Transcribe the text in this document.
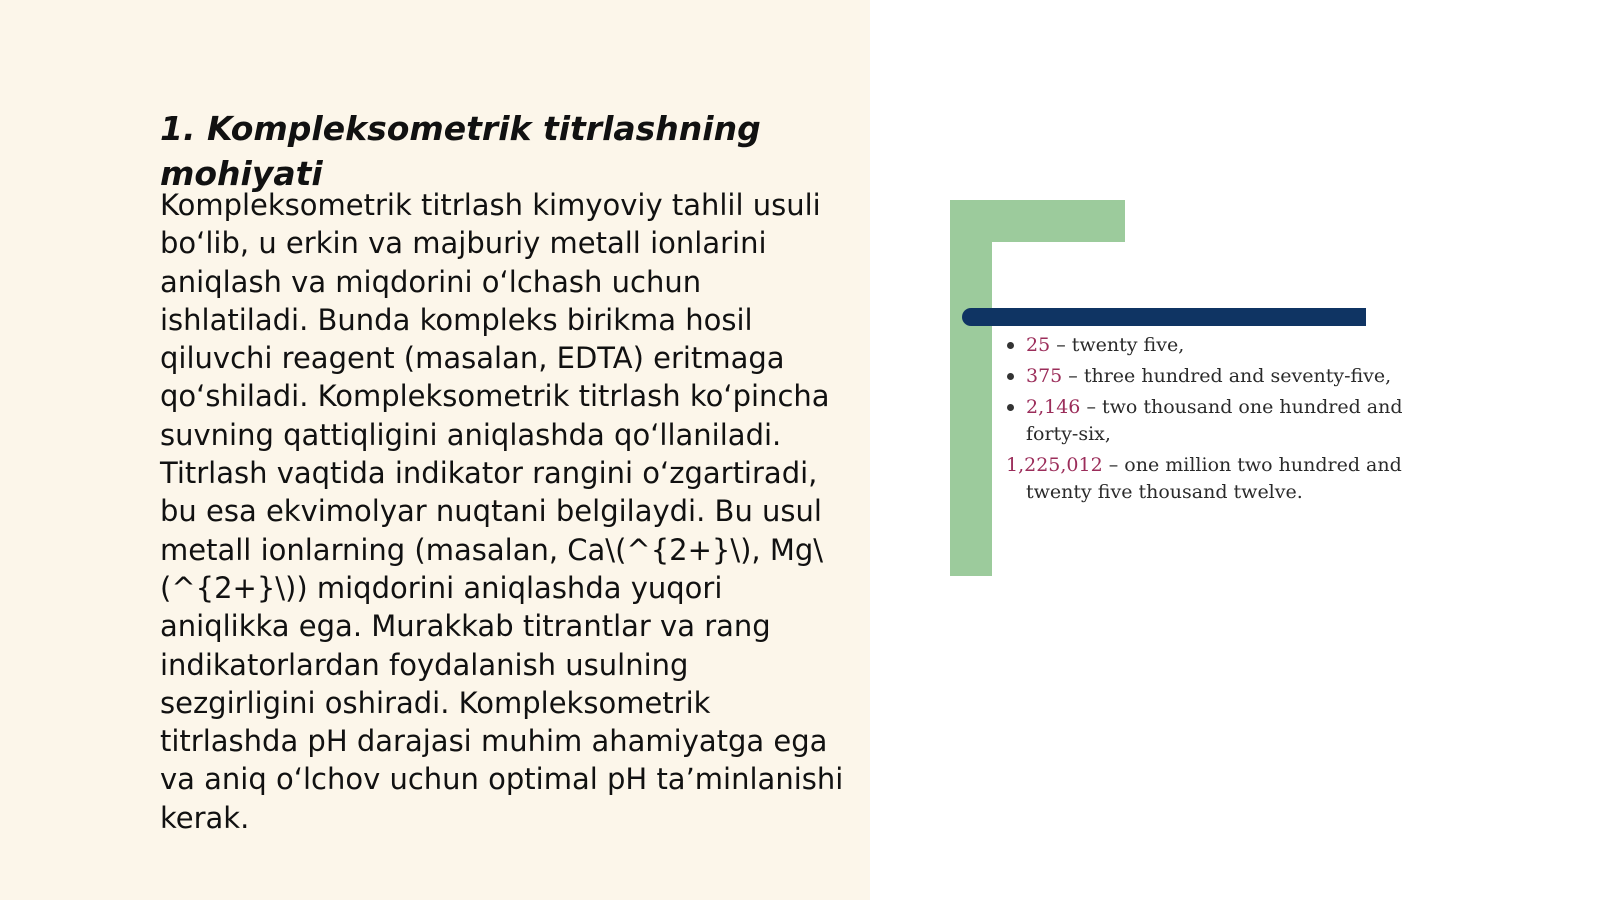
1. Kompleksometrik titrlashning mohiyati

Kompleksometrik titrlash kimyoviy tahlil usuli bo‘lib, u erkin va majburiy metall ionlarini aniqlash va miqdorini o‘lchash uchun ishlatiladi. Bunda kompleks birikma hosil qiluvchi reagent (masalan, EDTA) eritmaga qo‘shiladi. Kompleksometrik titrlash ko‘pincha suvning qattiqligini aniqlashda qo‘llaniladi. Titrlash vaqtida indikator rangini o‘zgartiradi, bu esa ekvimolyar nuqtani belgilaydi. Bu usul metall ionlarning (masalan, Ca\(^{2+}\), Mg\(^{2+}\)) miqdorini aniqlashda yuqori aniqlikka ega. Murakkab titrantlar va rang indikatorlardan foydalanish usulning sezgirligini oshiradi. Kompleksometrik titrlashda pH darajasi muhim ahamiyatga ega va aniq o‘lchov uchun optimal pH ta’minlanishi kerak.

25 – twenty five,
375 – three hundred and seventy-five,
2,146 – two thousand one hundred and forty-six,
1,225,012 – one million two hundred and twenty five thousand twelve.
